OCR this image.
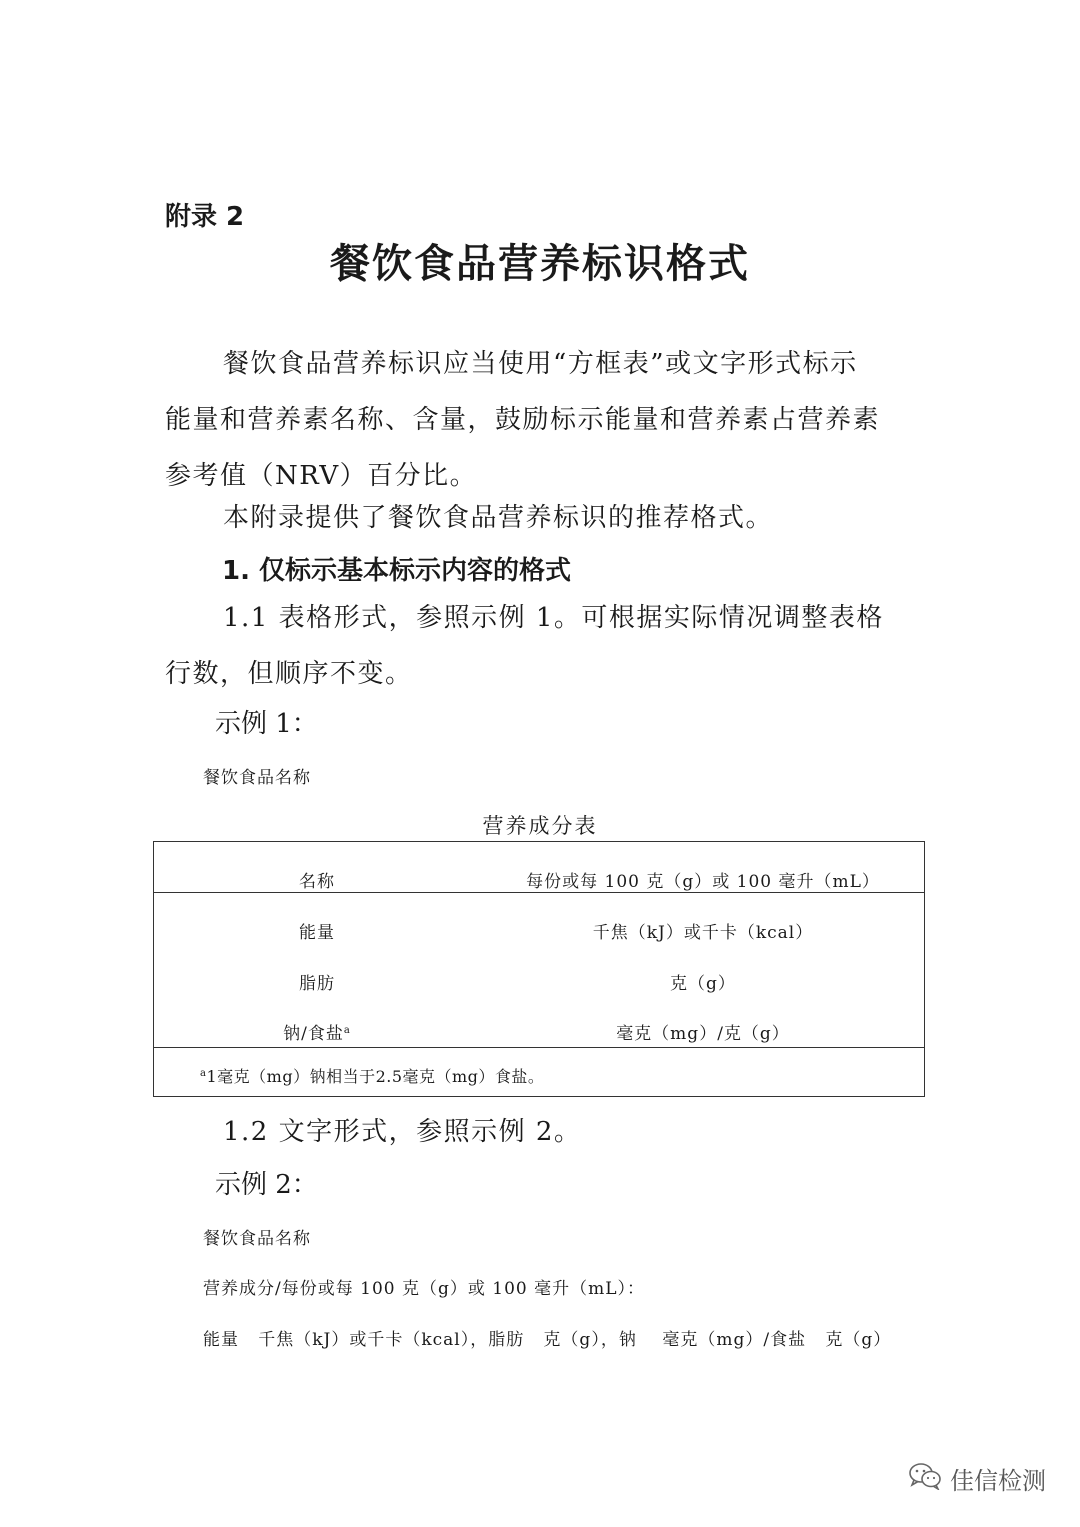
附录 2
餐饮食品营养标识格式
餐饮食品营养标识应当使用“方框表”或文字形式标示
能量和营养素名称、含量，鼓励标示能量和营养素占营养素
参考值（NRV）百分比。
本附录提供了餐饮食品营养标识的推荐格式。
1. 仅标示基本标示内容的格式
1.1 表格形式，参照示例 1。可根据实际情况调整表格
行数，但顺序不变。
示例 1：
餐饮食品名称
营养成分表
名称	每份或每 100 克（g）或 100 毫升（mL）
能量	千焦（kJ）或千卡（kcal）
脂肪	克（g）
钠/食盐$^a$	毫克（mg）/克（g）
$^a$1毫克（mg）钠相当于2.5毫克（mg）食盐。
1.2 文字形式，参照示例 2。
示例 2：
餐饮食品名称
营养成分/每份或每 100 克（g）或 100 毫升（mL）：
能量   千焦（kJ）或千卡（kcal），脂肪   克（g），钠    毫克（mg）/食盐   克（g）
佳信检测
